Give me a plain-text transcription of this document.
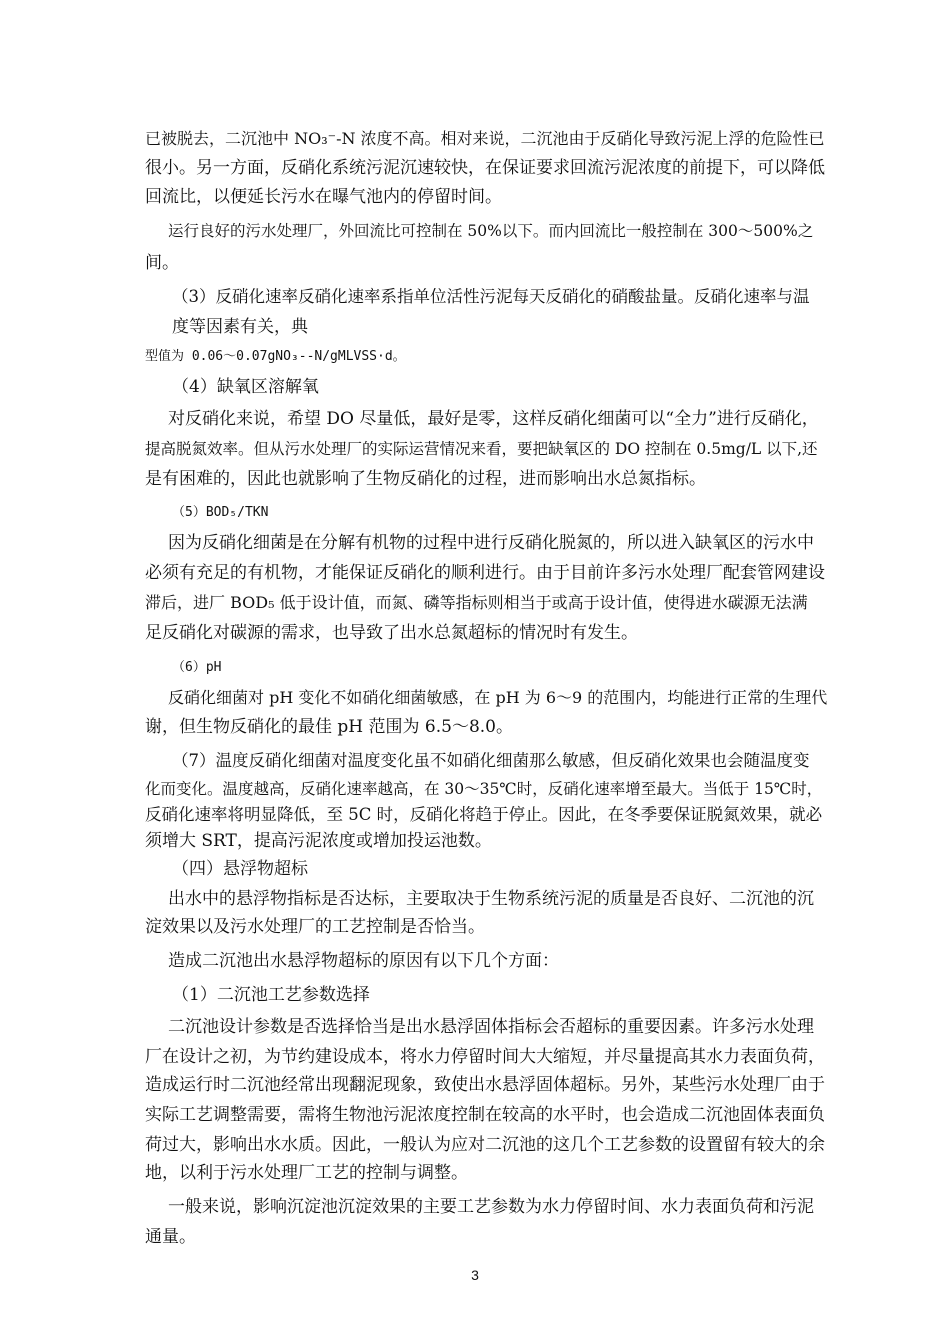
已被脱去，二沉池中 NO₃⁻-N 浓度不高。相对来说，二沉池由于反硝化导致污泥上浮的危险性已
很小。另一方面，反硝化系统污泥沉速较快，在保证要求回流污泥浓度的前提下，可以降低
回流比，以便延长污水在曝气池内的停留时间。
运行良好的污水处理厂，外回流比可控制在 50%以下。而内回流比一般控制在 300～500%之
间。
（3）反硝化速率反硝化速率系指单位活性污泥每天反硝化的硝酸盐量。反硝化速率与温
度等因素有关，典
型值为 0.06～0.07gNO₃--N/gMLVSS·d。
（4）缺氧区溶解氧
对反硝化来说，希望 DO 尽量低，最好是零，这样反硝化细菌可以“全力”进行反硝化，
提高脱氮效率。但从污水处理厂的实际运营情况来看，要把缺氧区的 DO 控制在 0.5mg/L 以下,还
是有困难的，因此也就影响了生物反硝化的过程，进而影响出水总氮指标。
（5）BOD₅/TKN
因为反硝化细菌是在分解有机物的过程中进行反硝化脱氮的，所以进入缺氧区的污水中
必须有充足的有机物，才能保证反硝化的顺利进行。由于目前许多污水处理厂配套管网建设
滞后，进厂 BOD₅ 低于设计值，而氮、磷等指标则相当于或高于设计值，使得进水碳源无法满
足反硝化对碳源的需求，也导致了出水总氮超标的情况时有发生。
（6）pH
反硝化细菌对 pH 变化不如硝化细菌敏感，在 pH 为 6～9 的范围内，均能进行正常的生理代
谢，但生物反硝化的最佳 pH 范围为 6.5～8.0。
（7）温度反硝化细菌对温度变化虽不如硝化细菌那么敏感，但反硝化效果也会随温度变
化而变化。温度越高，反硝化速率越高，在 30～35℃时，反硝化速率增至最大。当低于 15℃时，
反硝化速率将明显降低，至 5C 时，反硝化将趋于停止。因此，在冬季要保证脱氮效果，就必
须增大 SRT，提高污泥浓度或增加投运池数。
（四）悬浮物超标
出水中的悬浮物指标是否达标，主要取决于生物系统污泥的质量是否良好、二沉池的沉
淀效果以及污水处理厂的工艺控制是否恰当。
造成二沉池出水悬浮物超标的原因有以下几个方面：
（1）二沉池工艺参数选择
二沉池设计参数是否选择恰当是出水悬浮固体指标会否超标的重要因素。许多污水处理
厂在设计之初，为节约建设成本，将水力停留时间大大缩短，并尽量提高其水力表面负荷，
造成运行时二沉池经常出现翻泥现象，致使出水悬浮固体超标。另外，某些污水处理厂由于
实际工艺调整需要，需将生物池污泥浓度控制在较高的水平时，也会造成二沉池固体表面负
荷过大，影响出水水质。因此，一般认为应对二沉池的这几个工艺参数的设置留有较大的余
地，以利于污水处理厂工艺的控制与调整。
一般来说，影响沉淀池沉淀效果的主要工艺参数为水力停留时间、水力表面负荷和污泥
通量。
3
